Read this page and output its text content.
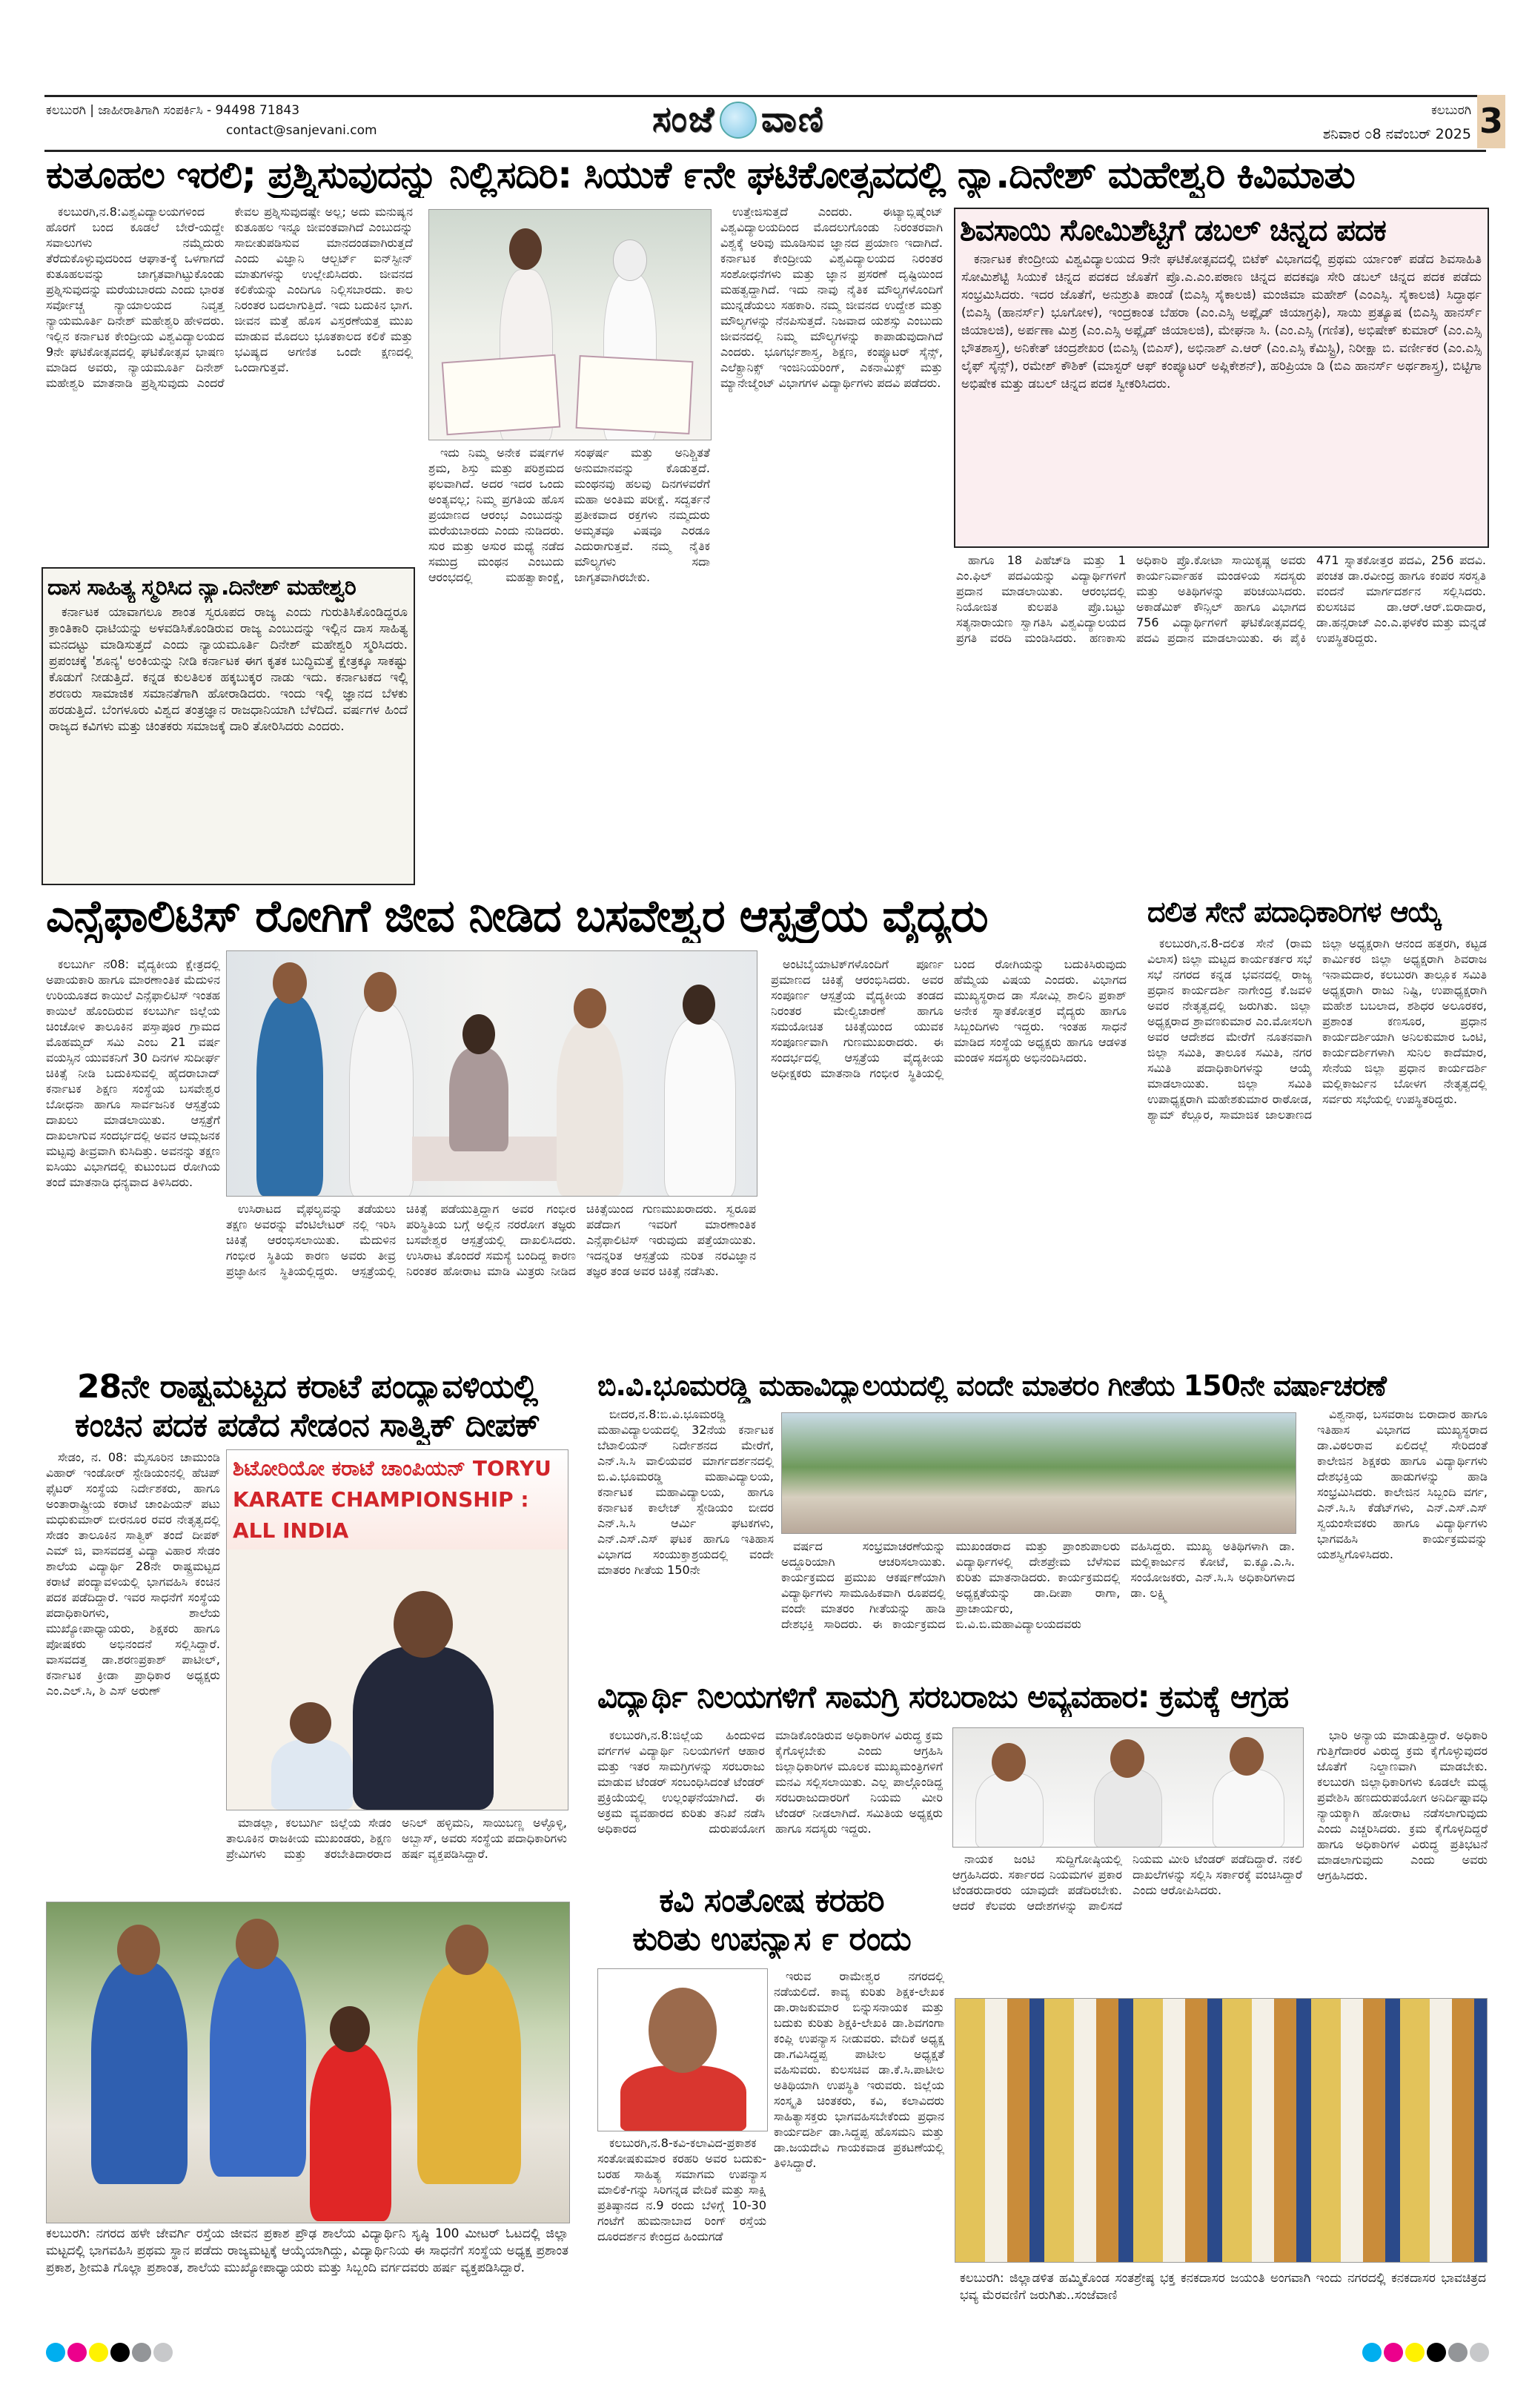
ಕಲಬುರಗಿ | ಜಾಹೀರಾತಿಗಾಗಿ ಸಂಪರ್ಕಿಸಿ - 94498 71843
contact@sanjevani.com	ಸಂಜೆ ವಾಣಿ	ಕಲಬುರಗಿ
ಶನಿವಾರ ೦8 ನವೆಂಬರ್ 2025 3
ಕುತೂಹಲ ಇರಲಿ; ಪ್ರಶ್ನಿಸುವುದನ್ನು ನಿಲ್ಲಿಸದಿರಿ: ಸಿಯುಕೆ ೯ನೇ ಘಟಿಕೋತ್ಸವದಲ್ಲಿ ನ್ಯಾ.ದಿನೇಶ್ ಮಹೇಶ್ವರಿ ಕಿವಿಮಾತು

ಕಲಬುರಗಿ,ನ.8:ವಿಶ್ವವಿದ್ಯಾಲಯಗಳಿಂದ ಹೊರಗೆ ಬಂದ ಕೂಡಲೆ ಬೇರೆ-ಯದ್ದೇ ಸವಾಲುಗಳು ನಮ್ಮೆದುರು ತೆರೆದುಕೊಳ್ಳುವುದರಿಂದ ಆಘಾತ-ಕ್ಕೆ ಒಳಗಾಗದೆ ಕುತೂಹಲವನ್ನು ಜಾಗೃತವಾಗಿಟ್ಟುಕೊಂಡು ಪ್ರಶ್ನಿಸುವುದನ್ನು ಮರೆಯಬಾರದು ಎಂದು ಭಾರತ ಸರ್ವೋಚ್ಚ ನ್ಯಾಯಾಲಯದ ನಿವೃತ್ತ ನ್ಯಾಯಮೂರ್ತಿ ದಿನೇಶ್ ಮಹೇಶ್ವರಿ ಹೇಳಿದರು. ಇಲ್ಲಿನ ಕರ್ನಾಟಕ ಕೇಂದ್ರೀಯ ವಿಶ್ವವಿದ್ಯಾಲಯದ 9ನೇ ಘಟಿಕೋತ್ಸವದಲ್ಲಿ ಘಟಿಕೋತ್ಸವ ಭಾಷಣ ಮಾಡಿದ ಅವರು, ನ್ಯಾಯಮೂರ್ತಿ ದಿನೇಶ್ ಮಹೇಶ್ವರಿ ಮಾತನಾಡಿ ಪ್ರಶ್ನಿಸುವುದು ಎಂದರೆ ಕೇವಲ ಪ್ರಶ್ನಿಸುವುದಷ್ಟೇ ಅಲ್ಲ; ಅದು ಮನುಷ್ಯನ ಕುತೂಹಲ ಇನ್ನೂ ಜೀವಂತವಾಗಿದೆ ಎಂಬುದನ್ನು ಸಾಬೀತುಪಡಿಸುವ ಮಾನದಂಡವಾಗಿರುತ್ತದೆ ಎಂದು ವಿಜ್ಞಾನಿ ಆಲ್ಬರ್ಟ್ ಐನ್‌ಸ್ಟೀನ್ ಮಾತುಗಳನ್ನು ಉಲ್ಲೇಖಿಸಿದರು. ಜೀವನದ ಕಲಿಕೆಯನ್ನು ಎಂದಿಗೂ ನಿಲ್ಲಿಸಬಾರದು. ಕಾಲ ನಿರಂತರ ಬದಲಾಗುತ್ತಿದೆ. ಇದು ಬದುಕಿನ ಭಾಗ. ಜೀವನ ಮತ್ತೆ ಹೊಸ ವಿಸ್ತರಣೆಯತ್ತ ಮುಖ ಮಾಡುವ ಮೊದಲು ಭೂತಕಾಲದ ಕಲಿಕೆ ಮತ್ತು ಭವಿಷ್ಯದ ಅಗಣಿತ ಒಂದೇ ಕ್ಷಣದಲ್ಲಿ ಒಂದಾಗುತ್ತವೆ.

ಇದು ನಿಮ್ಮ ಅನೇಕ ವರ್ಷಗಳ ಶ್ರಮ, ಶಿಸ್ತು ಮತ್ತು ಪರಿಶ್ರಮದ ಫಲವಾಗಿದೆ. ಅದರ ಇದರ ಒಂದು ಅಂತ್ಯವಲ್ಲ; ನಿಮ್ಮ ಪ್ರಗತಿಯ ಹೊಸ ಪ್ರಯಾಣದ ಆರಂಭ ಎಂಬುದನ್ನು ಮರೆಯಬಾರದು ಎಂದು ನುಡಿದರು. ಸುರ ಮತ್ತು ಅಸುರ ಮಧ್ಯೆ ನಡೆದ ಸಮುದ್ರ ಮಂಥನ ಎಂಬುದು ಆರಂಭದಲ್ಲಿ ಮಹತ್ವಾಕಾಂಕ್ಷೆ, ಸಂಘರ್ಷ ಮತ್ತು ಅನಿಶ್ಚಿತತೆ ಅನುಮಾನವನ್ನು ಕೊಡುತ್ತದೆ. ಮಂಥನವು ಹಲವು ದಿನಗಳವರೆಗೆ ಮಹಾ ಅಂತಿಮ ಪರೀಕ್ಷೆ. ಸದ್ವರ್ತನೆ ಪ್ರತೀಕವಾದ ರಕ್ತಗಳು ನಮ್ಮದುರು ಅಮೃತವೂ ವಿಷವೂ ಎರಡೂ ಎದುರಾಗುತ್ತವೆ. ನಮ್ಮ ನೈತಿಕ ಮೌಲ್ಯಗಳು ಸದಾ ಜಾಗೃತವಾಗಿರಬೇಕು.

ಉತ್ತೇಜಿಸುತ್ತದೆ ಎಂದರು. ಈಟ್ಯಾಬ್ಲಿಷ್ಮೆಂಟ್ ವಿಶ್ವವಿದ್ಯಾಲಯದಿಂದ ಮೊದಲುಗೊಂಡು ನಿರಂತರವಾಗಿ ವಿಶ್ವಕ್ಕೆ ಅರಿವು ಮೂಡಿಸುವ ಜ್ಞಾನದ ಪ್ರಯಾಣ ಇದಾಗಿದೆ. ಕರ್ನಾಟಕ ಕೇಂದ್ರೀಯ ವಿಶ್ವವಿದ್ಯಾಲಯದ ನಿರಂತರ ಸಂಶೋಧನೆಗಳು ಮತ್ತು ಜ್ಞಾನ ಪ್ರಸರಣೆ ದೃಷ್ಟಿಯಿಂದ ಮಹತ್ವದ್ದಾಗಿದೆ. ಇದು ನಾವು ನೈತಿಕ ಮೌಲ್ಯಗಳೊಂದಿಗೆ ಮುನ್ನಡೆಯಲು ಸಹಕಾರಿ. ನಮ್ಮ ಜೀವನದ ಉದ್ದೇಶ ಮತ್ತು ಮೌಲ್ಯಗಳನ್ನು ನೆನಪಿಸುತ್ತದೆ. ನಿಜವಾದ ಯಶಸ್ಸು ಎಂಬುದು ಜೀವನದಲ್ಲಿ ನಿಮ್ಮ ಮೌಲ್ಯಗಳನ್ನು ಕಾಪಾಡುವುದಾಗಿದೆ ಎಂದರು. ಭೂಗರ್ಭಶಾಸ್ತ್ರ, ಶಿಕ್ಷಣ, ಕಂಪ್ಯೂಟರ್ ಸೈನ್ಸ್, ಎಲೆಕ್ಟ್ರಾನಿಕ್ಸ್ ಇಂಜಿನಿಯರಿಂಗ್, ಎಕನಾಮಿಕ್ಸ್ ಮತ್ತು ಮ್ಯಾನೇಜ್ಮೆಂಟ್ ವಿಭಾಗಗಳ ವಿದ್ಯಾರ್ಥಿಗಳು ಪದವಿ ಪಡೆದರು.

ದಾಸ ಸಾಹಿತ್ಯ ಸ್ಮರಿಸಿದ ನ್ಯಾ.ದಿನೇಶ್ ಮಹೇಶ್ವರಿ

ಕರ್ನಾಟಕ ಯಾವಾಗಲೂ ಶಾಂತ ಸ್ವರೂಪದ ರಾಜ್ಯ ಎಂದು ಗುರುತಿಸಿಕೊಂಡಿದ್ದರೂ ಕ್ರಾಂತಿಕಾರಿ ಧಾಟಿಯನ್ನು ಅಳವಡಿಸಿಕೊಂಡಿರುವ ರಾಜ್ಯ ಎಂಬುದನ್ನು ಇಲ್ಲಿನ ದಾಸ ಸಾಹಿತ್ಯ ಮನದಟ್ಟು ಮಾಡಿಸುತ್ತದೆ ಎಂದು ನ್ಯಾಯಮೂರ್ತಿ ದಿನೇಶ್ ಮಹೇಶ್ವರಿ ಸ್ಮರಿಸಿದರು. ಪ್ರಪಂಚಕ್ಕೆ 'ಶೂನ್ಯ' ಅಂಕಿಯನ್ನು ನೀಡಿ ಕರ್ನಾಟಕ ಈಗ ಕೃತಕ ಬುದ್ಧಿಮತ್ತೆ ಕ್ಷೇತ್ರಕ್ಕೂ ಸಾಕಷ್ಟು ಕೊಡುಗೆ ನೀಡುತ್ತಿದೆ. ಕನ್ನಡ ಕುಲತಿಲಕ ಹಕ್ಕಬುಕ್ಕರ ನಾಡು ಇದು. ಕರ್ನಾಟಕದ ಇಲ್ಲಿ ಶರಣರು ಸಾಮಾಜಿಕ ಸಮಾನತೆಗಾಗಿ ಹೋರಾಡಿದರು. ಇಂದು ಇಲ್ಲಿ ಜ್ಞಾನದ ಬೆಳಕು ಹರಡುತ್ತಿದೆ. ಬೆಂಗಳೂರು ವಿಶ್ವದ ತಂತ್ರಜ್ಞಾನ ರಾಜಧಾನಿಯಾಗಿ ಬೆಳೆದಿದೆ. ವರ್ಷಗಳ ಹಿಂದೆ ರಾಜ್ಯದ ಕವಿಗಳು ಮತ್ತು ಚಿಂತಕರು ಸಮಾಜಕ್ಕೆ ದಾರಿ ತೋರಿಸಿದರು ಎಂದರು.

ಶಿವಸಾಯಿ ಸೋಮಿಶೆಟ್ಟಿಗೆ ಡಬಲ್ ಚಿನ್ನದ ಪದಕ

ಕರ್ನಾಟಕ ಕೇಂದ್ರೀಯ ವಿಶ್ವವಿದ್ಯಾಲಯದ 9ನೇ ಘಟಿಕೋತ್ಸವದಲ್ಲಿ ಬಿಟೆಕ್ ವಿಭಾಗದಲ್ಲಿ ಪ್ರಥಮ ರ್ಯಾಂಕ್ ಪಡೆದ ಶಿವಸಾಹಿತಿ ಸೋಮಿಶೆಟ್ಟಿ ಸಿಯುಕೆ ಚಿನ್ನದ ಪದಕದ ಜೊತೆಗೆ ಪ್ರೊ.ಎ.ಎಂ.ಪಠಾಣ ಚಿನ್ನದ ಪದಕವೂ ಸೇರಿ ಡಬಲ್ ಚಿನ್ನದ ಪದಕ ಪಡೆದು ಸಂಭ್ರಮಿಸಿದರು. ಇದರ ಜೊತೆಗೆ, ಅನುಶ್ರುತಿ ಪಾಂಡೆ (ಬಿಎಸ್ಸಿ ಸೈಕಾಲಜಿ) ಮಂಜಿಮಾ ಮಹೇಶ್ (ಎಂಎಸ್ಸಿ. ಸೈಕಾಲಜಿ) ಸಿದ್ಧಾರ್ಥ (ಬಿಎಸ್ಸಿ (ಹಾನರ್ಸ್) ಭೂಗೋಳ), ಇಂದ್ರಕಾಂತ ಬೆಹರಾ (ಎಂ.ಎಸ್ಸಿ ಅಪ್ಲೈಡ್ ಜಿಯಾಗ್ರಫಿ), ಸಾಯಿ ಪ್ರತ್ಯೂಷ (ಬಿಎಸ್ಸಿ ಹಾನರ್ಸ್ ಜಿಯಾಲಜಿ), ಅರ್ಪಣಾ ಮಿಶ್ರ (ಎಂ.ಎಸ್ಸಿ ಅಪ್ಲೈಡ್ ಜಿಯಾಲಜಿ), ಮೇಘನಾ ಸಿ. (ಎಂ.ಎಸ್ಸಿ (ಗಣಿತ), ಅಭಿಷೇಕ್ ಕುಮಾರ್ (ಎಂ.ಎಸ್ಸಿ ಭೌತಶಾಸ್ತ್ರ), ಅನಿಕೇತ್ ಚಂದ್ರಶೇಖರ (ಬಿಎಸ್ಸಿ (ಬಿಎಸ್), ಅಭಿನಾಶ್ ಎ.ಆರ್ (ಎಂ.ಎಸ್ಸಿ ಕೆಮಿಸ್ಟ್ರಿ), ನಿರೀಕ್ಷಾ ಬಿ. ವರ್ಣೀಕರ (ಎಂ.ಎಸ್ಸಿ ಲೈಫ್ ಸೈನ್ಸ್), ರಮೇಶ್ ಕೌಶಿಕ್ (ಮಾಸ್ಟರ್ ಆಫ್ ಕಂಪ್ಯೂಟರ್ ಅಪ್ಲಿಕೇಶನ್), ಹರಿಪ್ರಿಯಾ ಡಿ (ಬಿಎ ಹಾನರ್ಸ್ ಅರ್ಥಶಾಸ್ತ್ರ), ಬಿಟ್ಟಿಗಾ ಅಭಿಷೇಕ ಮತ್ತು ಡಬಲ್ ಚಿನ್ನದ ಪದಕ ಸ್ವೀಕರಿಸಿದರು.

ಹಾಗೂ 18 ಪಿಹೆಚ್‌ಡಿ ಮತ್ತು 1 ಎಂ.ಫಿಲ್ ಪದವಿಯನ್ನು ವಿದ್ಯಾರ್ಥಿಗಳಿಗೆ ಪ್ರದಾನ ಮಾಡಲಾಯಿತು. ಆರಂಭದಲ್ಲಿ ನಿಯೋಜಿತ ಕುಲಪತಿ ಪ್ರೊ.ಬಟ್ಟು ಸತ್ಯನಾರಾಯಣ ಸ್ವಾಗತಿಸಿ ವಿಶ್ವವಿದ್ಯಾಲಯದ ಪ್ರಗತಿ ವರದಿ ಮಂಡಿಸಿದರು. ಹಣಕಾಸು ಅಧಿಕಾರಿ ಪ್ರೊ.ಕೋಟಾ ಸಾಯಿಕೃಷ್ಣ ಅವರು ಕಾರ್ಯನಿರ್ವಾಹಕ ಮಂಡಳಿಯ ಸದಸ್ಯರು ಮತ್ತು ಅತಿಥಿಗಳನ್ನು ಪರಿಚಯಿಸಿದರು. ಅಕಾಡೆಮಿಕ್ ಕೌನ್ಸಿಲ್ ಹಾಗೂ ವಿಭಾಗದ 756 ವಿದ್ಯಾರ್ಥಿಗಳಿಗೆ ಘಟಿಕೋತ್ಸವದಲ್ಲಿ ಪದವಿ ಪ್ರದಾನ ಮಾಡಲಾಯಿತು. ಈ ಪೈಕಿ 471 ಸ್ನಾತಕೋತ್ತರ ಪದವಿ, 256 ಪದವಿ. ಪಂಚತ ಡಾ.ರವೀಂದ್ರ ಹಾಗೂ ಕಂಪರ ಸರಸ್ವತಿ ವಂದನೆ ಮಾರ್ಗದರ್ಶನ ಸಲ್ಲಿಸಿದರು. ಕುಲಸಚಿವ ಡಾ.ಆರ್.ಆರ್.ಬಿರಾದಾರ, ಡಾ.ಹನ್ಸರಾಜ್ ಎಂ.ಎ.ಫಳಕೆರ ಮತ್ತು ಮನ್ನಡೆ ಉಪಸ್ಥಿತರಿದ್ದರು.

ಎನ್ಸೆಫಾಲಿಟಿಸ್ ರೋಗಿಗೆ ಜೀವ ನೀಡಿದ ಬಸವೇಶ್ವರ ಆಸ್ಪತ್ರೆಯ ವೈದ್ಯರು

ಕಲಬುರ್ಗಿ ನ08: ವೈದ್ಯಕೀಯ ಕ್ಷೇತ್ರದಲ್ಲಿ ಅಪಾಯಕಾರಿ ಹಾಗೂ ಮಾರಣಾಂತಿಕ ಮೆದುಳಿನ ಉರಿಯೂತದ ಕಾಯಿಲೆ ಎನ್ಸೆಫಾಲಿಟಿಸ್ ಇಂತಹ ಕಾಯಿಲೆ ಹೊಂದಿರುವ ಕಲಬುರ್ಗಿ ಜಿಲ್ಲೆಯ ಚಿಂಚೋಳಿ ತಾಲೂಕಿನ ಪಸ್ತಾಪೂರ ಗ್ರಾಮದ ಮೊಹಮ್ಮದ್ ಸಮಿ ಎಂಬ 21 ವರ್ಷ ವಯಸ್ಸಿನ ಯುವಕನಿಗೆ 30 ದಿನಗಳ ಸುದೀರ್ಘ ಚಿಕಿತ್ಸೆ ನೀಡಿ ಬದುಕಿಸುವಲ್ಲಿ ಹೈದರಾಬಾದ್ ಕರ್ನಾಟಕ ಶಿಕ್ಷಣ ಸಂಸ್ಥೆಯ ಬಸವೇಶ್ವರ ಬೋಧನಾ ಹಾಗೂ ಸಾರ್ವಜನಿಕ ಆಸ್ಪತ್ರೆಯ ದಾಖಲು ಮಾಡಲಾಯಿತು. ಆಸ್ಪತ್ರೆಗೆ ದಾಖಲಾಗುವ ಸಂದರ್ಭದಲ್ಲಿ ಅವನ ಆಮ್ಲಜನಕ ಮಟ್ಟವು ತೀವ್ರವಾಗಿ ಕುಸಿದಿತ್ತು. ಅವನನ್ನು ತಕ್ಷಣ ಐಸಿಯು ವಿಭಾಗದಲ್ಲಿ ಕುಟುಂಬದ ರೋಗಿಯ ತಂದೆ ಮಾತನಾಡಿ ಧನ್ಯವಾದ ತಿಳಿಸಿದರು.

ಉಸಿರಾಟದ ವೈಫಲ್ಯವನ್ನು ತಡೆಯಲು ತಕ್ಷಣ ಅವರನ್ನು ವೆಂಟಿಲೇಟರ್ ನಲ್ಲಿ ಇರಿಸಿ ಚಿಕಿತ್ಸೆ ಆರಂಭಿಸಲಾಯಿತು. ಮೆದುಳಿನ ಗಂಭೀರ ಸ್ಥಿತಿಯ ಕಾರಣ ಅವರು ತೀವ್ರ ಪ್ರಜ್ಞಾಹೀನ ಸ್ಥಿತಿಯಲ್ಲಿದ್ದರು. ಆಸ್ಪತ್ರೆಯಲ್ಲಿ ಚಿಕಿತ್ಸೆ ಪಡೆಯುತ್ತಿದ್ದಾಗ ಅವರ ಗಂಭೀರ ಪರಿಸ್ಥಿತಿಯ ಬಗ್ಗೆ ಅಲ್ಲಿನ ನರರೋಗ ತಜ್ಞರು ಬಸವೇಶ್ವರ ಆಸ್ಪತ್ರೆಯಲ್ಲಿ ದಾಖಲಿಸಿದರು. ಉಸಿರಾಟ ತೊಂದರೆ ಸಮಸ್ಯೆ ಬಂದಿದ್ದ ಕಾರಣ ನಿರಂತರ ಹೋರಾಟ ಮಾಡಿ ಮಿತ್ರರು ನೀಡಿದ ಚಿಕಿತ್ಸೆಯಿಂದ ಗುಣಮುಖರಾದರು. ಸ್ವರೂಪ ಪಡೆದಾಗ ಇವರಿಗೆ ಮಾರಣಾಂತಿಕ ಎನ್ಸೆಫಾಲಿಟಿಸ್ ಇರುವುದು ಪತ್ತೆಯಾಯಿತು. ಇದನ್ನರಿತ ಆಸ್ಪತ್ರೆಯ ನುರಿತ ನರವಿಜ್ಞಾನ ತಜ್ಞರ ತಂಡ ಅವರ ಚಿಕಿತ್ಸೆ ನಡೆಸಿತು.

ಅಂಟಿಬೈಯಾಟಿಕ್‌ಗಳೊಂದಿಗೆ ಪೂರ್ಣ ಪ್ರಮಾಣದ ಚಿಕಿತ್ಸೆ ಆರಂಭಿಸಿದರು. ಅವರ ಸಂಪೂರ್ಣ ಆಸ್ಪತ್ರೆಯ ವೈದ್ಯಕೀಯ ತಂಡದ ನಿರಂತರ ಮೇಲ್ವಿಚಾರಣೆ ಹಾಗೂ ಸಮಯೋಚಿತ ಚಿಕಿತ್ಸೆಯಿಂದ ಯುವಕ ಸಂಪೂರ್ಣವಾಗಿ ಗುಣಮುಖರಾದರು. ಈ ಸಂದರ್ಭದಲ್ಲಿ ಆಸ್ಪತ್ರೆಯ ವೈದ್ಯಕೀಯ ಅಧೀಕ್ಷಕರು ಮಾತನಾಡಿ ಗಂಭೀರ ಸ್ಥಿತಿಯಲ್ಲಿ ಬಂದ ರೋಗಿಯನ್ನು ಬದುಕಿಸಿರುವುದು ಹೆಮ್ಮೆಯ ವಿಷಯ ಎಂದರು. ವಿಭಾಗದ ಮುಖ್ಯಸ್ಥರಾದ ಡಾ ಸೋಮ್ಲಿ ಶಾಲಿನಿ ಪ್ರಕಾಶ್ ಅನೇಕ ಸ್ನಾತಕೋತ್ತರ ವೈದ್ಯರು ಹಾಗೂ ಸಿಬ್ಬಂದಿಗಳು ಇದ್ದರು. ಇಂತಹ ಸಾಧನೆ ಮಾಡಿದ ಸಂಸ್ಥೆಯ ಅಧ್ಯಕ್ಷರು ಹಾಗೂ ಆಡಳಿತ ಮಂಡಳಿ ಸದಸ್ಯರು ಅಭಿನಂದಿಸಿದರು.

ದಲಿತ ಸೇನೆ ಪದಾಧಿಕಾರಿಗಳ ಆಯ್ಕೆ

ಕಲಬುರಗಿ,ನ.8-ದಲಿತ ಸೇನೆ (ರಾಮ ವಿಲಾಸ) ಜಿಲ್ಲಾ ಮಟ್ಟದ ಕಾರ್ಯಕರ್ತರ ಸಭೆ ಸಭೆ ನಗರದ ಕನ್ನಡ ಭವನದಲ್ಲಿ ರಾಜ್ಯ ಪ್ರಧಾನ ಕಾರ್ಯದರ್ಶಿ ನಾಗೇಂದ್ರ ಕೆ.ಜವಳಿ ಅವರ ನೇತೃತ್ವದಲ್ಲಿ ಜರುಗಿತು. ಜಿಲ್ಲಾ ಅಧ್ಯಕ್ಷರಾದ ಶ್ರಾವಣಕುಮಾರ ಎಂ.ಮೋಸಲಗಿ ಅವರ ಆದೇಶದ ಮೇರೆಗೆ ನೂತನವಾಗಿ ಜಿಲ್ಲಾ ಸಮಿತಿ, ತಾಲೂಕ ಸಮಿತಿ, ನಗರ ಸಮಿತಿ ಪದಾಧಿಕಾರಿಗಳನ್ನು ಆಯ್ಕೆ ಮಾಡಲಾಯಿತು. ಜಿಲ್ಲಾ ಸಮಿತಿ ಉಪಾಧ್ಯಕ್ಷರಾಗಿ ಮಹೇಶಕುಮಾರ ರಾಠೋಡ, ಶ್ಯಾಮ್ ಕೆಲ್ಲೂರ, ಸಾಮಾಜಿಕ ಜಾಲತಾಣದ ಜಿಲ್ಲಾ ಅಧ್ಯಕ್ಷರಾಗಿ ಆನಂದ ಹತ್ತರಗಿ, ಕಟ್ಟಡ ಕಾರ್ಮಿಕರ ಜಿಲ್ಲಾ ಅಧ್ಯಕ್ಷರಾಗಿ ಶಿವರಾಜ ಇನಾಮದಾರ, ಕಲಬುರಗಿ ತಾಲ್ಲೂಕ ಸಮಿತಿ ಅಧ್ಯಕ್ಷರಾಗಿ ರಾಜು ನಿಷ್ಟಿ, ಉಪಾಧ್ಯಕ್ಷರಾಗಿ ಮಹೇಶ ಬಬಲಾದ, ಶಶಿಧರ ಅಲೂರಕರ, ಪ್ರಶಾಂತ ಕಣಸೂರ, ಪ್ರಧಾನ ಕಾರ್ಯದರ್ಶಿಯಾಗಿ ಅನಿಲಕುಮಾರ ಒಂಟಿ, ಕಾರ್ಯದರ್ಶಿಗಳಾಗಿ ಸುನಿಲ ಕಾದೆಮಾರ, ಸೇನೆಯ ಜಿಲ್ಲಾ ಪ್ರಧಾನ ಕಾರ್ಯದರ್ಶಿ ಮಲ್ಲಿಕಾರ್ಜುನ ಬೋಳಗ ನೇತೃತ್ವದಲ್ಲಿ ಸರ್ವರು ಸಭೆಯಲ್ಲಿ ಉಪಸ್ಥಿತರಿದ್ದರು.

28ನೇ ರಾಷ್ಟ್ರಮಟ್ಟದ ಕರಾಟೆ ಪಂದ್ಯಾವಳಿಯಲ್ಲಿ
ಕಂಚಿನ ಪದಕ ಪಡೆದ ಸೇಡಂನ ಸಾತ್ವಿಕ್ ದೀಪಕ್

ಸೇಡಂ, ನ. 08: ಮೈಸೂರಿನ ಚಾಮುಂಡಿ ವಿಹಾರ್ ಇಂಡೋರ್ ಸ್ಟೇಡಿಯಂನಲ್ಲಿ ಹೆಚಿಪ್ ಫೈಟರ್ ಸಂಸ್ಥೆಯ ನಿರ್ದೇಶಕರು, ಹಾಗೂ ಅಂತಾರಾಷ್ಟ್ರೀಯ ಕರಾಟೆ ಚಾಂಪಿಯನ್ ಪಟು ಮಧುಕುಮಾರ್ ಬೀರನೂರ ರವರ ನೇತೃತ್ವದಲ್ಲಿ ಸೇಡಂ ತಾಲೂಕಿನ ಸಾತ್ವಿಕ್ ತಂದೆ ದೀಪಕ್ ಎಮ್ ಜಿ, ವಾಸವದತ್ತ ವಿದ್ಯಾ ವಿಹಾರ ಸೇಡಂ ಶಾಲೆಯ ವಿದ್ಯಾರ್ಥಿ 28ನೇ ರಾಷ್ಟ್ರಮಟ್ಟದ ಕರಾಟೆ ಪಂದ್ಯಾವಳಿಯಲ್ಲಿ ಭಾಗವಹಿಸಿ ಕಂಚಿನ ಪದಕ ಪಡೆದಿದ್ದಾರೆ. ಇವರ ಸಾಧನೆಗೆ ಸಂಸ್ಥೆಯ ಪದಾಧಿಕಾರಿಗಳು, ಶಾಲೆಯ ಮುಖ್ಯೋಪಾಧ್ಯಾಯರು, ಶಿಕ್ಷಕರು ಹಾಗೂ ಪೋಷಕರು ಅಭಿನಂದನೆ ಸಲ್ಲಿಸಿದ್ದಾರೆ. ವಾಸವದತ್ತ ಡಾ.ಶರಣಪ್ರಕಾಶ್ ಪಾಟೀಲ್, ಕರ್ನಾಟಕ ಕ್ರೀಡಾ ಪ್ರಾಧಿಕಾರ ಅಧ್ಯಕ್ಷರು ಎಂ.ಎಲ್.ಸಿ, ಶಿ ಎಸ್ ಅರುಣ್

ಶಿಟೋರಿಯೋ ಕರಾಟೆ ಚಾಂಪಿಯನ್ TORYU KARATE CHAMPIONSHIP : ALL INDIA

ಮಾಡಲ್ಲಾ, ಕಲಬುರ್ಗಿ ಜಿಲ್ಲೆಯ ಸೇಡಂ ತಾಲೂಕಿನ ರಾಜಕೀಯ ಮುಖಂಡರು, ಶಿಕ್ಷಣ ಪ್ರೇಮಿಗಳು ಮತ್ತು ತರಬೇತಿದಾರರಾದ ಅನಿಲ್ ಹಳ್ಳಿಮನಿ, ಸಾಯಿಬಣ್ಣ ಅಳ್ಳೊಳ್ಳಿ, ಅಬ್ಬಾಸ್, ಅವರು ಸಂಸ್ಥೆಯ ಪದಾಧಿಕಾರಿಗಳು ಹರ್ಷ ವ್ಯಕ್ತಪಡಿಸಿದ್ದಾರೆ.

ಕಲಬುರಗಿ: ನಗರದ ಹಳೇ ಜೇವರ್ಗಿ ರಸ್ತೆಯ ಜೀವನ ಪ್ರಕಾಶ ಪ್ರೌಢ ಶಾಲೆಯ ವಿದ್ಯಾರ್ಥಿನಿ ಸೃಷ್ಠಿ 100 ಮೀಟರ್ ಓಟದಲ್ಲಿ ಜಿಲ್ಲಾ ಮಟ್ಟದಲ್ಲಿ ಭಾಗವಹಿಸಿ ಪ್ರಥಮ ಸ್ಥಾನ ಪಡೆದು ರಾಜ್ಯಮಟ್ಟಕ್ಕೆ ಆಯ್ಕೆಯಾಗಿದ್ದು, ವಿದ್ಯಾರ್ಥಿನಿಯ ಈ ಸಾಧನೆಗೆ ಸಂಸ್ಥೆಯ ಅಧ್ಯಕ್ಷ ಪ್ರಶಾಂತ ಪ್ರಕಾಶ, ಶ್ರೀಮತಿ ಗೊಲ್ಲಾ ಪ್ರಶಾಂತ, ಶಾಲೆಯ ಮುಖ್ಯೋಪಾಧ್ಯಾಯರು ಮತ್ತು ಸಿಬ್ಬಂದಿ ವರ್ಗದವರು ಹರ್ಷ ವ್ಯಕ್ತಪಡಿಸಿದ್ದಾರೆ.
ಬಿ.ವಿ.ಭೂಮರಡ್ಡಿ ಮಹಾವಿದ್ಯಾಲಯದಲ್ಲಿ ವಂದೇ ಮಾತರಂ ಗೀತೆಯ 150ನೇ ವರ್ಷಾಚರಣೆ

ಬೀದರ,ನ.8:ಬಿ.ವಿ.ಭೂಮರಡ್ಡಿ ಮಹಾವಿದ್ಯಾಲಯದಲ್ಲಿ 32ನೆಯ ಕರ್ನಾಟಕ ಬೆಟಾಲಿಯನ್ ನಿರ್ದೇಶನದ ಮೇರೆಗೆ, ಎನ್.ಸಿ.ಸಿ ವಾಲಿಯವರ ಮಾರ್ಗದರ್ಶನದಲ್ಲಿ ಬಿ.ವಿ.ಭೂಮರಡ್ಡಿ ಮಹಾವಿದ್ಯಾಲಯ, ಕರ್ನಾಟಕ ಮಹಾವಿದ್ಯಾಲಯ, ಹಾಗೂ ಕರ್ನಾಟಕ ಕಾಲೇಜ್ ಸ್ಟೇಡಿಯಂ ಬೀದರ ಎನ್.ಸಿ.ಸಿ ಆರ್ಮಿ ಘಟಕಗಳು, ಎನ್.ಎಸ್.ಎಸ್ ಘಟಕ ಹಾಗೂ ಇತಿಹಾಸ ವಿಭಾಗದ ಸಂಯುಕ್ತಾಶ್ರಯದಲ್ಲಿ ವಂದೇ ಮಾತರಂ ಗೀತೆಯ 150ನೇ

ವರ್ಷದ ಸಂಭ್ರಮಾಚರಣೆಯನ್ನು ಅದ್ದೂರಿಯಾಗಿ ಆಚರಿಸಲಾಯಿತು. ಕಾರ್ಯಕ್ರಮದ ಪ್ರಮುಖ ಆಕರ್ಷಣೆಯಾಗಿ ವಿದ್ಯಾರ್ಥಿಗಳು ಸಾಮೂಹಿಕವಾಗಿ ರೂಪದಲ್ಲಿ ವಂದೇ ಮಾತರಂ ಗೀತೆಯನ್ನು ಹಾಡಿ ದೇಶಭಕ್ತಿ ಸಾರಿದರು. ಈ ಕಾರ್ಯಕ್ರಮದ ಮುಖಂಡರಾದ ಮತ್ತು ಪ್ರಾಂಶುಪಾಲರು ವಿದ್ಯಾರ್ಥಿಗಳಲ್ಲಿ ದೇಶಪ್ರೇಮ ಬೆಳೆಸುವ ಕುರಿತು ಮಾತನಾಡಿದರು. ಕಾರ್ಯಕ್ರಮದಲ್ಲಿ ಅಧ್ಯಕ್ಷತೆಯನ್ನು ಡಾ.ದೀಪಾ ರಾಗಾ, ಪ್ರಾಚಾರ್ಯರು, ಬಿ.ವಿ.ಬಿ.ಮಹಾವಿದ್ಯಾಲಯದವರು ವಹಿಸಿದ್ದರು. ಮುಖ್ಯ ಅತಿಥಿಗಳಾಗಿ ಡಾ. ಮಲ್ಲಿಕಾರ್ಜುನ ಕೋಟೆ, ಐ.ಕ್ಯೂ.ಎ.ಸಿ. ಸಂಯೋಜಕರು, ಎನ್.ಸಿ.ಸಿ ಅಧಿಕಾರಿಗಳಾದ ಡಾ. ಲಕ್ಷ್ಮಿ

ವಿಶ್ವನಾಥ, ಬಸವರಾಜ ಬಿರಾದಾರ ಹಾಗೂ ಇತಿಹಾಸ ವಿಭಾಗದ ಮುಖ್ಯಸ್ಥರಾದ ಡಾ.ವಿಠಲರಾವ ಏಲಿದಲ್ಲೆ ಸೇರಿದಂತೆ ಕಾಲೇಜಿನ ಶಿಕ್ಷಕರು ಹಾಗೂ ವಿದ್ಯಾರ್ಥಿಗಳು ದೇಶಭಕ್ತಿಯ ಹಾಡುಗಳನ್ನು ಹಾಡಿ ಸಂಭ್ರಮಿಸಿದರು. ಕಾಲೇಜಿನ ಸಿಬ್ಬಂದಿ ವರ್ಗ, ಎನ್.ಸಿ.ಸಿ ಕೆಡೆಟ್‌ಗಳು, ಎನ್.ಎಸ್.ಎಸ್ ಸ್ವಯಂಸೇವಕರು ಹಾಗೂ ವಿದ್ಯಾರ್ಥಿಗಳು ಭಾಗವಹಿಸಿ ಕಾರ್ಯಕ್ರಮವನ್ನು ಯಶಸ್ವಿಗೊಳಿಸಿದರು.

ವಿದ್ಯಾರ್ಥಿ ನಿಲಯಗಳಿಗೆ ಸಾಮಗ್ರಿ ಸರಬರಾಜು ಅವ್ಯವಹಾರ: ಕ್ರಮಕ್ಕೆ ಆಗ್ರಹ

ಕಲಬುರಗಿ,ನ.8:ಜಿಲ್ಲೆಯ ಹಿಂದುಳಿದ ವರ್ಗಗಳ ವಿದ್ಯಾರ್ಥಿ ನಿಲಯಗಳಿಗೆ ಆಹಾರ ಮತ್ತು ಇತರ ಸಾಮಗ್ರಿಗಳನ್ನು ಸರಬರಾಜು ಮಾಡುವ ಟೆಂಡರ್ ಸಂಬಂಧಿಸಿದಂತೆ ಟೆಂಡರ್ ಪ್ರಕ್ರಿಯೆಯಲ್ಲಿ ಉಲ್ಲಂಘನೆಯಾಗಿದೆ. ಈ ಅಕ್ರಮ ವ್ಯವಹಾರದ ಕುರಿತು ತನಿಖೆ ನಡೆಸಿ ಅಧಿಕಾರದ ದುರುಪಯೋಗ ಮಾಡಿಕೊಂಡಿರುವ ಅಧಿಕಾರಿಗಳ ವಿರುದ್ಧ ಕ್ರಮ ಕೈಗೊಳ್ಳಬೇಕು ಎಂದು ಆಗ್ರಹಿಸಿ ಜಿಲ್ಲಾಧಿಕಾರಿಗಳ ಮೂಲಕ ಮುಖ್ಯಮಂತ್ರಿಗಳಿಗೆ ಮನವಿ ಸಲ್ಲಿಸಲಾಯಿತು. ಎಲ್ಲ ಪಾಲ್ಗೊಂಡಿದ್ದ ಸರಬರಾಜುದಾರರಿಗೆ ನಿಯಮ ಮೀರಿ ಟೆಂಡರ್ ನೀಡಲಾಗಿದೆ. ಸಮಿತಿಯ ಅಧ್ಯಕ್ಷರು ಹಾಗೂ ಸದಸ್ಯರು ಇದ್ದರು.

ನಾಯಕ ಜಂಟಿ ಸುದ್ದಿಗೋಷ್ಠಿಯಲ್ಲಿ ಆಗ್ರಹಿಸಿದರು. ಸರ್ಕಾರದ ನಿಯಮಗಳ ಪ್ರಕಾರ ಟೆಂಡರುದಾರರು ಯಾವುದೇ ಪಡೆದಿರಬೇಕು. ಆದರೆ ಕೆಲವರು ಆದೇಶಗಳನ್ನು ಪಾಲಿಸದೆ ನಿಯಮ ಮೀರಿ ಟೆಂಡರ್ ಪಡೆದಿದ್ದಾರೆ. ನಕಲಿ ದಾಖಲೆಗಳನ್ನು ಸಲ್ಲಿಸಿ ಸರ್ಕಾರಕ್ಕೆ ವಂಚಿಸಿದ್ದಾರೆ ಎಂದು ಆರೋಪಿಸಿದರು.

ಭಾರಿ ಅನ್ಯಾಯ ಮಾಡುತ್ತಿದ್ದಾರೆ. ಅಧಿಕಾರಿ ಗುತ್ತಿಗೆದಾರರ ವಿರುದ್ಧ ಕ್ರಮ ಕೈಗೊಳ್ಳುವುದರ ಜೊತೆಗೆ ನಿಲ್ದಾಣವಾಗಿ ಮಾಡಬೇಕು. ಕಲಬುರಗಿ ಜಿಲ್ಲಾಧಿಕಾರಿಗಳು ಕೂಡಲೇ ಮಧ್ಯ ಪ್ರವೇಶಿಸಿ ಹಣದುರುಪಯೋಗ ಅನಿರ್ದಿಷ್ಟಾವಧಿ ನ್ಯಾಯಕ್ಕಾಗಿ ಹೋರಾಟ ನಡೆಸಲಾಗುವುದು ಎಂದು ಎಚ್ಚರಿಸಿದರು. ಕ್ರಮ ಕೈಗೊಳ್ಳದಿದ್ದರೆ ಹಾಗೂ ಅಧಿಕಾರಿಗಳ ವಿರುದ್ಧ ಪ್ರತಿಭಟನೆ ಮಾಡಲಾಗುವುದು ಎಂದು ಅವರು ಆಗ್ರಹಿಸಿದರು.

ಕವಿ ಸಂತೋಷ ಕರಹರಿ
ಕುರಿತು ಉಪನ್ಯಾಸ ೯ ರಂದು

ಕಲಬುರಗಿ,ನ.8-ಕವಿ-ಕಲಾವಿದ-ಪ್ರಕಾಶಕ ಸಂತೋಷಕುಮಾರ ಕರಹರಿ ಅವರ ಬದುಕು-ಬರಹ ಸಾಹಿತ್ಯ ಸಮಾಗಮ ಉಪನ್ಯಾಸ ಮಾಲಿಕೆ-ಗನ್ನು ಸಿರಿಗನ್ನಡ ವೇದಿಕೆ ಮತ್ತು ಸಾಕ್ಷಿ ಪ್ರತಿಷ್ಠಾನದ ನ.9 ರಂದು ಬೆಳಿಗ್ಗೆ 10-30 ಗಂಟೆಗೆ ಹುಮನಾಬಾದ ರಿಂಗ್ ರಸ್ತೆಯ ದೂರದರ್ಶನ ಕೇಂದ್ರದ ಹಿಂದುಗಡೆ

ಇರುವ ರಾಮೇಶ್ವರ ನಗರದಲ್ಲಿ ನಡೆಯಲಿದೆ. ಕಾವ್ಯ ಕುರಿತು ಶಿಕ್ಷಕ-ಲೇಖಕ ಡಾ.ರಾಜಕುಮಾರ ಬಿನ್ನುಸನಾಯಕ ಮತ್ತು ಬದುಕು ಕುರಿತು ಶಿಕ್ಷಕಿ-ಲೇಖಕಿ ಡಾ.ಶಿವಗಂಗಾ ಕಂಪ್ಲಿ ಉಪನ್ಯಾಸ ನೀಡುವರು. ವೇದಿಕೆ ಅಧ್ಯಕ್ಷ ಡಾ.ಗವಿಸಿದ್ದಪ್ಪ ಪಾಟೀಲ ಅಧ್ಯಕ್ಷತೆ ವಹಿಸುವರು. ಕುಲಸಚಿವ ಡಾ.ಕೆ.ಸಿ.ಪಾಟೀಲ ಅತಿಥಿಯಾಗಿ ಉಪಸ್ಥಿತಿ ಇರುವರು. ಜಿಲ್ಲೆಯ ಸಂಸ್ಕೃತಿ ಚಿಂತಕರು, ಕವಿ, ಕಲಾವಿದರು ಸಾಹಿತ್ಯಾಸಕ್ತರು ಭಾಗವಹಿಸಬೇಕೆಂದು ಪ್ರಧಾನ ಕಾರ್ಯದರ್ಶಿ ಡಾ.ಸಿದ್ದಪ್ಪ ಹೊಸಮನಿ ಮತ್ತು ಡಾ.ಜಯದೇವಿ ಗಾಯಕವಾಡ ಪ್ರಕಟಣೆಯಲ್ಲಿ ತಿಳಿಸಿದ್ದಾರೆ.

ಕಲಬುರಗಿ: ಜಿಲ್ಲಾಡಳಿತ ಹಮ್ಮಿಕೊಂಡ ಸಂತಶ್ರೇಷ್ಠ ಭಕ್ತ ಕನಕದಾಸರ ಜಯಂತಿ ಅಂಗವಾಗಿ ಇಂದು ನಗರದಲ್ಲಿ ಕನಕದಾಸರ ಭಾವಚಿತ್ರದ ಭವ್ಯ ಮೆರವಣಿಗೆ ಜರುಗಿತು..ಸಂಜೆವಾಣಿ
